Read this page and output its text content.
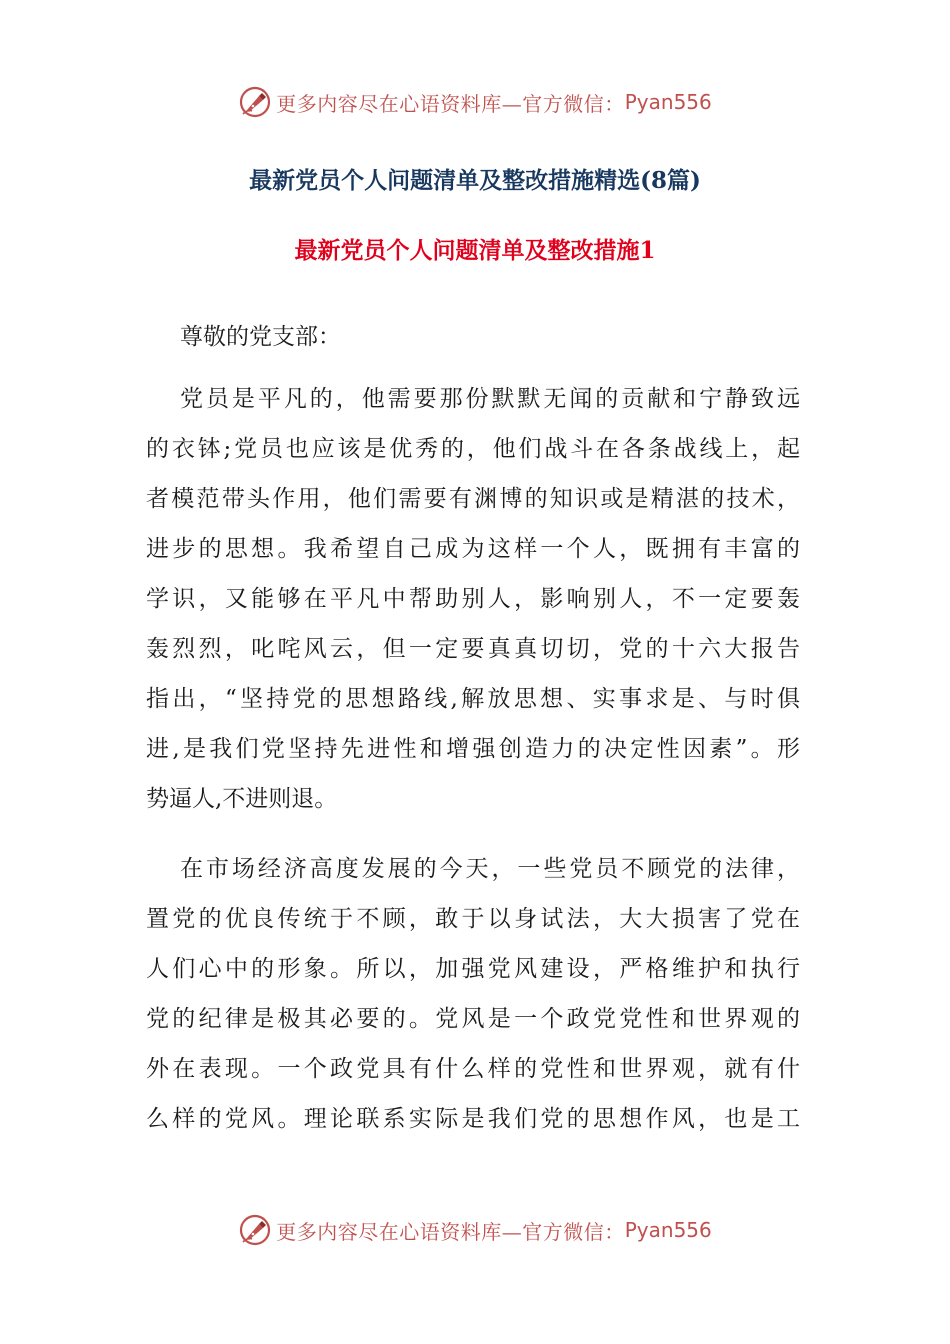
更多内容尽在心语资料库—官方微信： Pyan556
最新党员个人问题清单及整改措施精选(8篇)
最新党员个人问题清单及整改措施1
尊敬的党支部：
党员是平凡的，他需要那份默默无闻的贡献和宁静致远
的衣钵;党员也应该是优秀的，他们战斗在各条战线上，起
者模范带头作用，他们需要有渊博的知识或是精湛的技术，
进步的思想。我希望自己成为这样一个人，既拥有丰富的
学识，又能够在平凡中帮助别人，影响别人，不一定要轰
轰烈烈，叱咤风云，但一定要真真切切，党的十六大报告
指出，“坚持党的思想路线,解放思想、实事求是、与时俱
进,是我们党坚持先进性和增强创造力的决定性因素”。形
势逼人,不进则退。
在市场经济高度发展的今天，一些党员不顾党的法律，
置党的优良传统于不顾，敢于以身试法，大大损害了党在
人们心中的形象。所以，加强党风建设，严格维护和执行
党的纪律是极其必要的。党风是一个政党党性和世界观的
外在表现。一个政党具有什么样的党性和世界观，就有什
么样的党风。理论联系实际是我们党的思想作风，也是工
更多内容尽在心语资料库—官方微信： Pyan556
